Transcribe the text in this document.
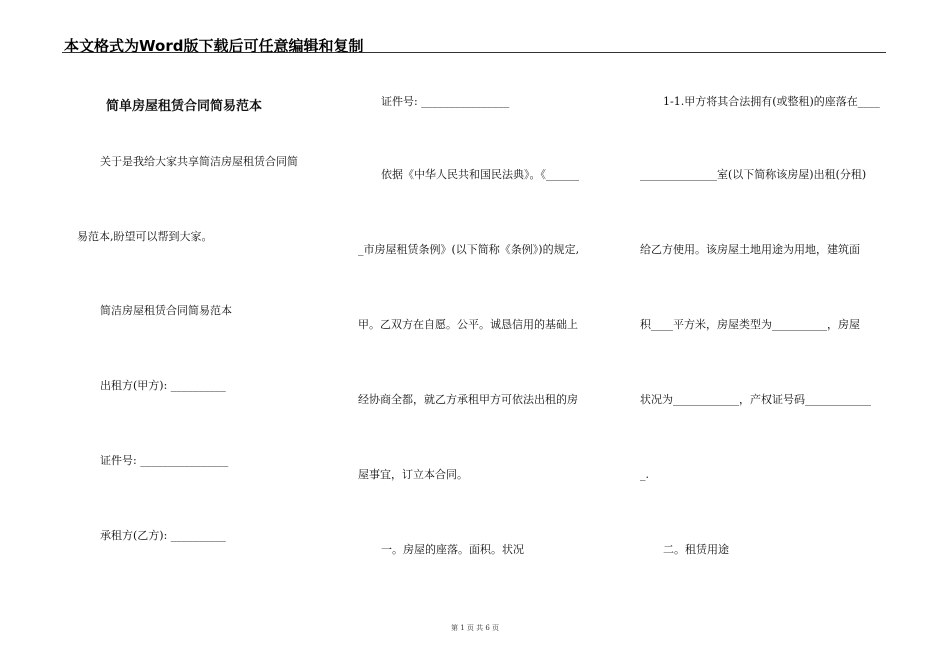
本文格式为Word版下载后可任意编辑和复制
简单房屋租赁合同简易范本
关于是我给大家共享简洁房屋租赁合同简
易范本,盼望可以帮到大家。
简洁房屋租赁合同简易范本
出租方(甲方): __________
证件号: ________________
承租方(乙方): __________
证件号: ________________
依据《中华人民共和国民法典》。《______
_市房屋租赁条例》(以下简称《条例》)的规定,
甲。乙双方在自愿。公平。诚恳信用的基础上
经协商全都，就乙方承租甲方可依法出租的房
屋事宜，订立本合同。
一。房屋的座落。面积。状况
1-1.甲方将其合法拥有(或整租)的座落在____
______________室(以下简称该房屋)出租(分租)
给乙方使用。该房屋土地用途为用地，建筑面
积____平方米，房屋类型为__________，房屋
状况为____________，产权证号码____________
_.
二。租赁用途
第 1 页 共 6 页
